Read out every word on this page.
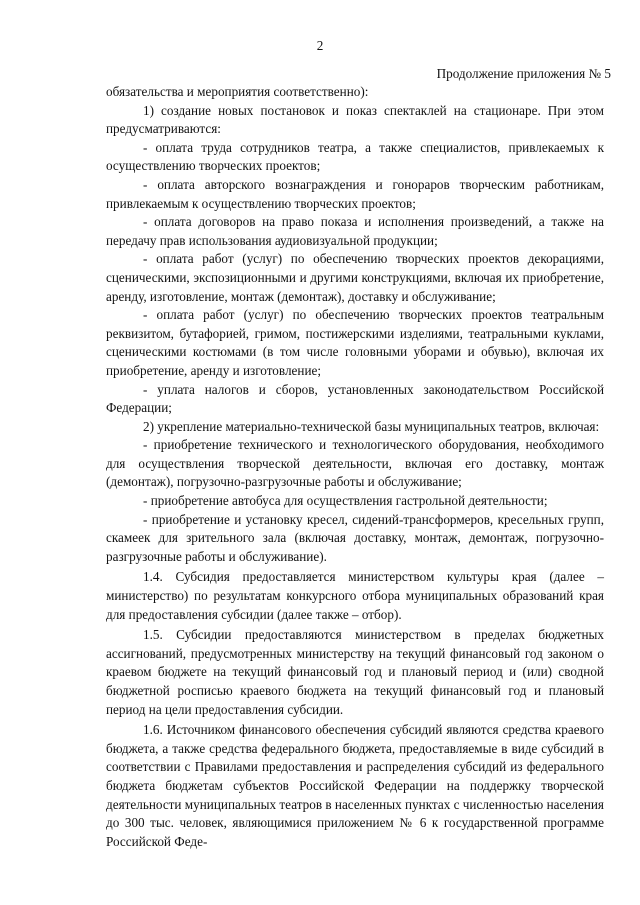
2
Продолжение приложения № 5

обязательства и мероприятия соответственно):

1) создание новых постановок и показ спектаклей на стационаре. При этом предусматриваются:

- оплата труда сотрудников театра, а также специалистов, привлекаемых к осуществлению творческих проектов;

- оплата авторского вознаграждения и гонораров творческим работникам, привлекаемым к осуществлению творческих проектов;

- оплата договоров на право показа и исполнения произведений, а также на передачу прав использования аудиовизуальной продукции;

- оплата работ (услуг) по обеспечению творческих проектов декорациями, сценическими, экспозиционными и другими конструкциями, включая их приобретение, аренду, изготовление, монтаж (демонтаж), доставку и обслуживание;

- оплата работ (услуг) по обеспечению творческих проектов театральным реквизитом, бутафорией, гримом, постижерскими изделиями, театральными куклами, сценическими костюмами (в том числе головными уборами и обувью), включая их приобретение, аренду и изготовление;

- уплата налогов и сборов, установленных законодательством Российской Федерации;

2) укрепление материально-технической базы муниципальных театров, включая:

- приобретение технического и технологического оборудования, необходимого для осуществления творческой деятельности, включая его доставку, монтаж (демонтаж), погрузочно-разгрузочные работы и обслуживание;

- приобретение автобуса для осуществления гастрольной деятельности;

- приобретение и установку кресел, сидений-трансформеров, кресельных групп, скамеек для зрительного зала (включая доставку, монтаж, демонтаж, погрузочно-разгрузочные работы и обслуживание).

1.4. Субсидия предоставляется министерством культуры края (далее – министерство) по результатам конкурсного отбора муниципальных образований края для предоставления субсидии (далее также – отбор).

1.5. Субсидии предоставляются министерством в пределах бюджетных ассигнований, предусмотренных министерству на текущий финансовый год законом о краевом бюджете на текущий финансовый год и плановый период и (или) сводной бюджетной росписью краевого бюджета на текущий финансовый год и плановый период на цели предоставления субсидии.

1.6. Источником финансового обеспечения субсидий являются средства краевого бюджета, а также средства федерального бюджета, предоставляемые в виде субсидий в соответствии с Правилами предоставления и распределения субсидий из федерального бюджета бюджетам субъектов Российской Федерации на поддержку творческой деятельности муниципальных театров в населенных пунктах с численностью населения до 300 тыс. человек, являющимися приложением № 6 к государственной программе Российской Феде-
